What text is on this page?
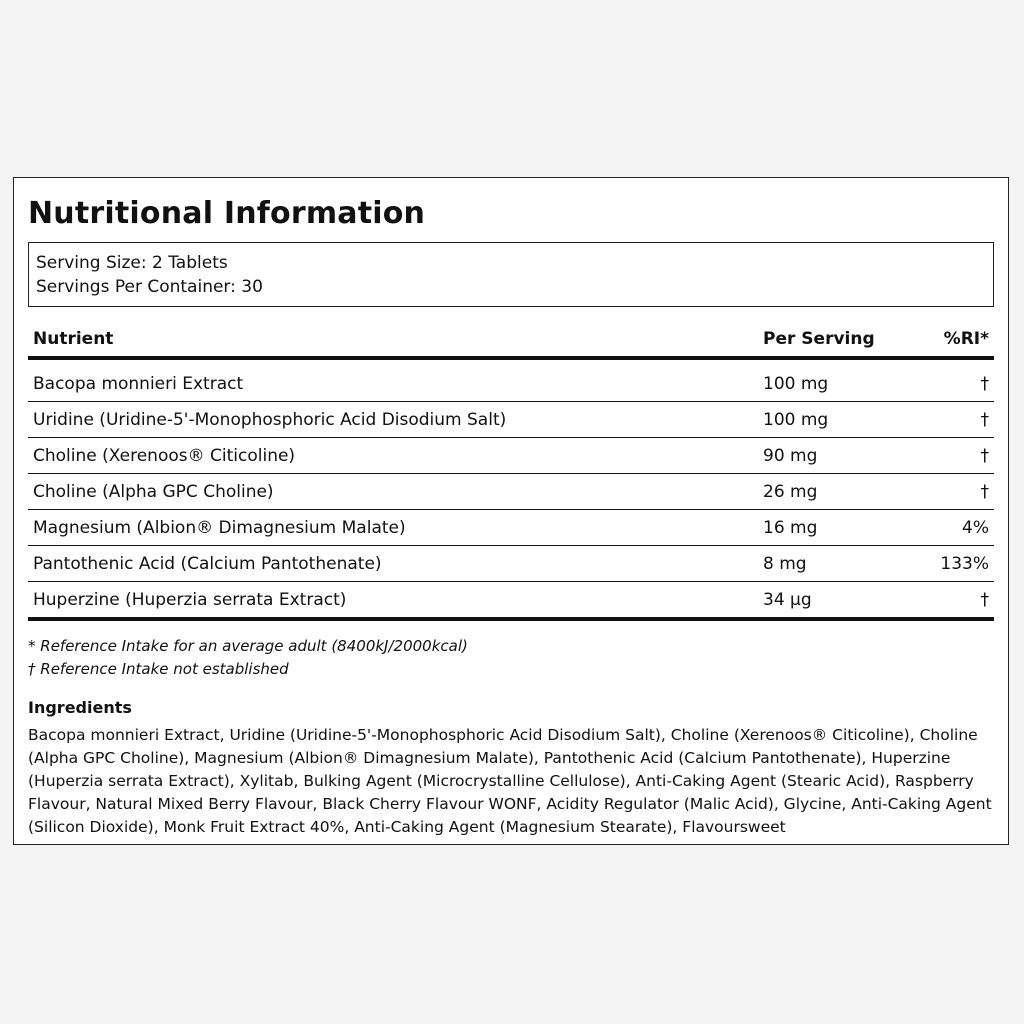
Nutritional Information
Serving Size: 2 Tablets
Servings Per Container: 30
Nutrient	Per Serving	%RI*
Bacopa monnieri Extract	100 mg	†
Uridine (Uridine-5'-Monophosphoric Acid Disodium Salt)	100 mg	†
Choline (Xerenoos® Citicoline)	90 mg	†
Choline (Alpha GPC Choline)	26 mg	†
Magnesium (Albion® Dimagnesium Malate)	16 mg	4%
Pantothenic Acid (Calcium Pantothenate)	8 mg	133%
Huperzine (Huperzia serrata Extract)	34 µg	†
* Reference Intake for an average adult (8400kJ/2000kcal)
† Reference Intake not established
Ingredients
Bacopa monnieri Extract, Uridine (Uridine-5'-Monophosphoric Acid Disodium Salt), Choline (Xerenoos® Citicoline), Choline (Alpha GPC Choline), Magnesium (Albion® Dimagnesium Malate), Pantothenic Acid (Calcium Pantothenate), Huperzine (Huperzia serrata Extract), Xylitab, Bulking Agent (Microcrystalline Cellulose), Anti-Caking Agent (Stearic Acid), Raspberry Flavour, Natural Mixed Berry Flavour, Black Cherry Flavour WONF, Acidity Regulator (Malic Acid), Glycine, Anti-Caking Agent (Silicon Dioxide), Monk Fruit Extract 40%, Anti-Caking Agent (Magnesium Stearate), Flavoursweet
